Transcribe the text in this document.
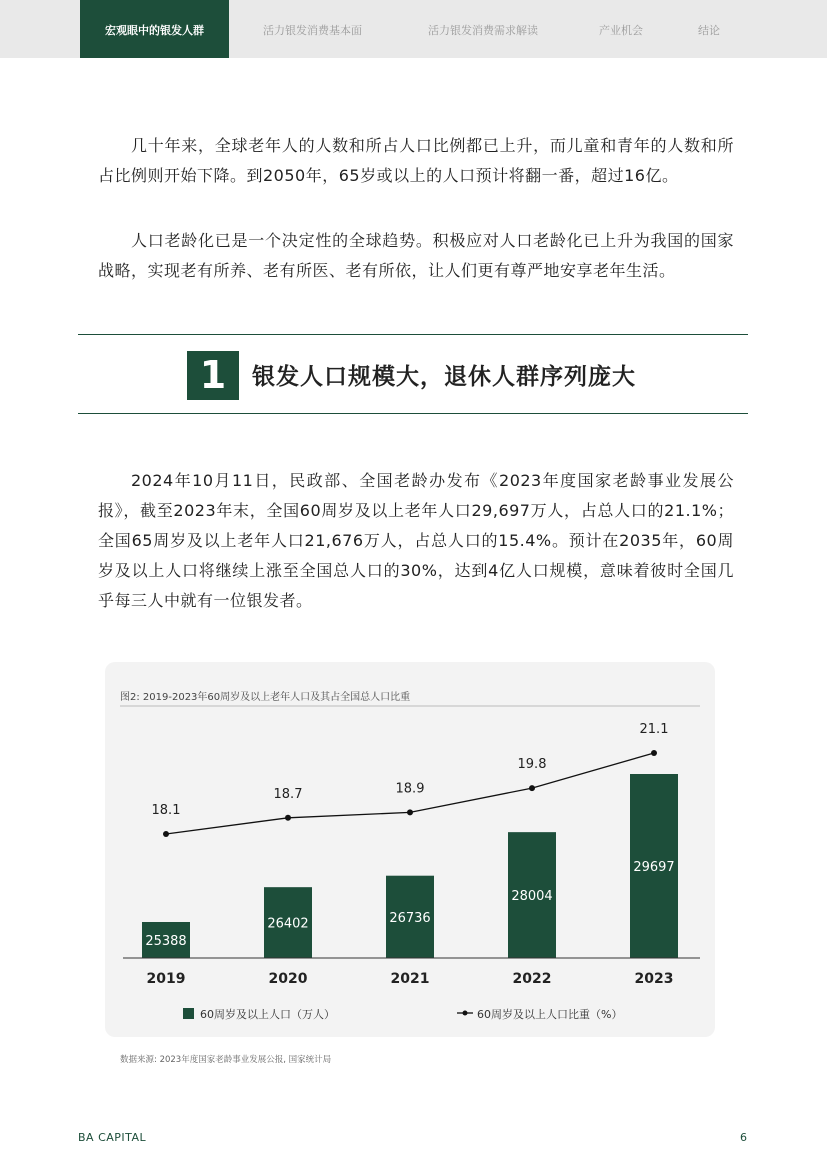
宏观眼中的银发人群	活力银发消费基本面	活力银发消费需求解读	产业机会	结论

几十年来，全球老年人的人数和所占人口比例都已上升，而儿童和青年的人数和所占比例则开始下降。到2050年，65岁或以上的人口预计将翻一番，超过16亿。

人口老龄化已是一个决定性的全球趋势。积极应对人口老龄化已上升为我国的国家战略，实现老有所养、老有所医、老有所依，让人们更有尊严地安享老年生活。

1	银发人口规模大，退休人群序列庞大

2024年10月11日，民政部、全国老龄办发布《2023年度国家老龄事业发展公报》，截至2023年末，全国60周岁及以上老年人口29,697万人，占总人口的21.1%；全国65周岁及以上老年人口21,676万人，占总人口的15.4%。预计在2035年，60周岁及以上人口将继续上涨至全国总人口的30%，达到4亿人口规模，意味着彼时全国几乎每三人中就有一位银发者。

图2: 2019-2023年60周岁及以上老年人口及其占全国总人口比重
25388
26402	26736
28004
29697
18.1
18.7	18.9
19.8
21.1
2019	2020	2021	2022	2023
60周岁及以上人口（万人）	60周岁及以上人口比重（%）
数据来源: 2023年度国家老龄事业发展公报, 国家统计局
BA CAPITAL	6
